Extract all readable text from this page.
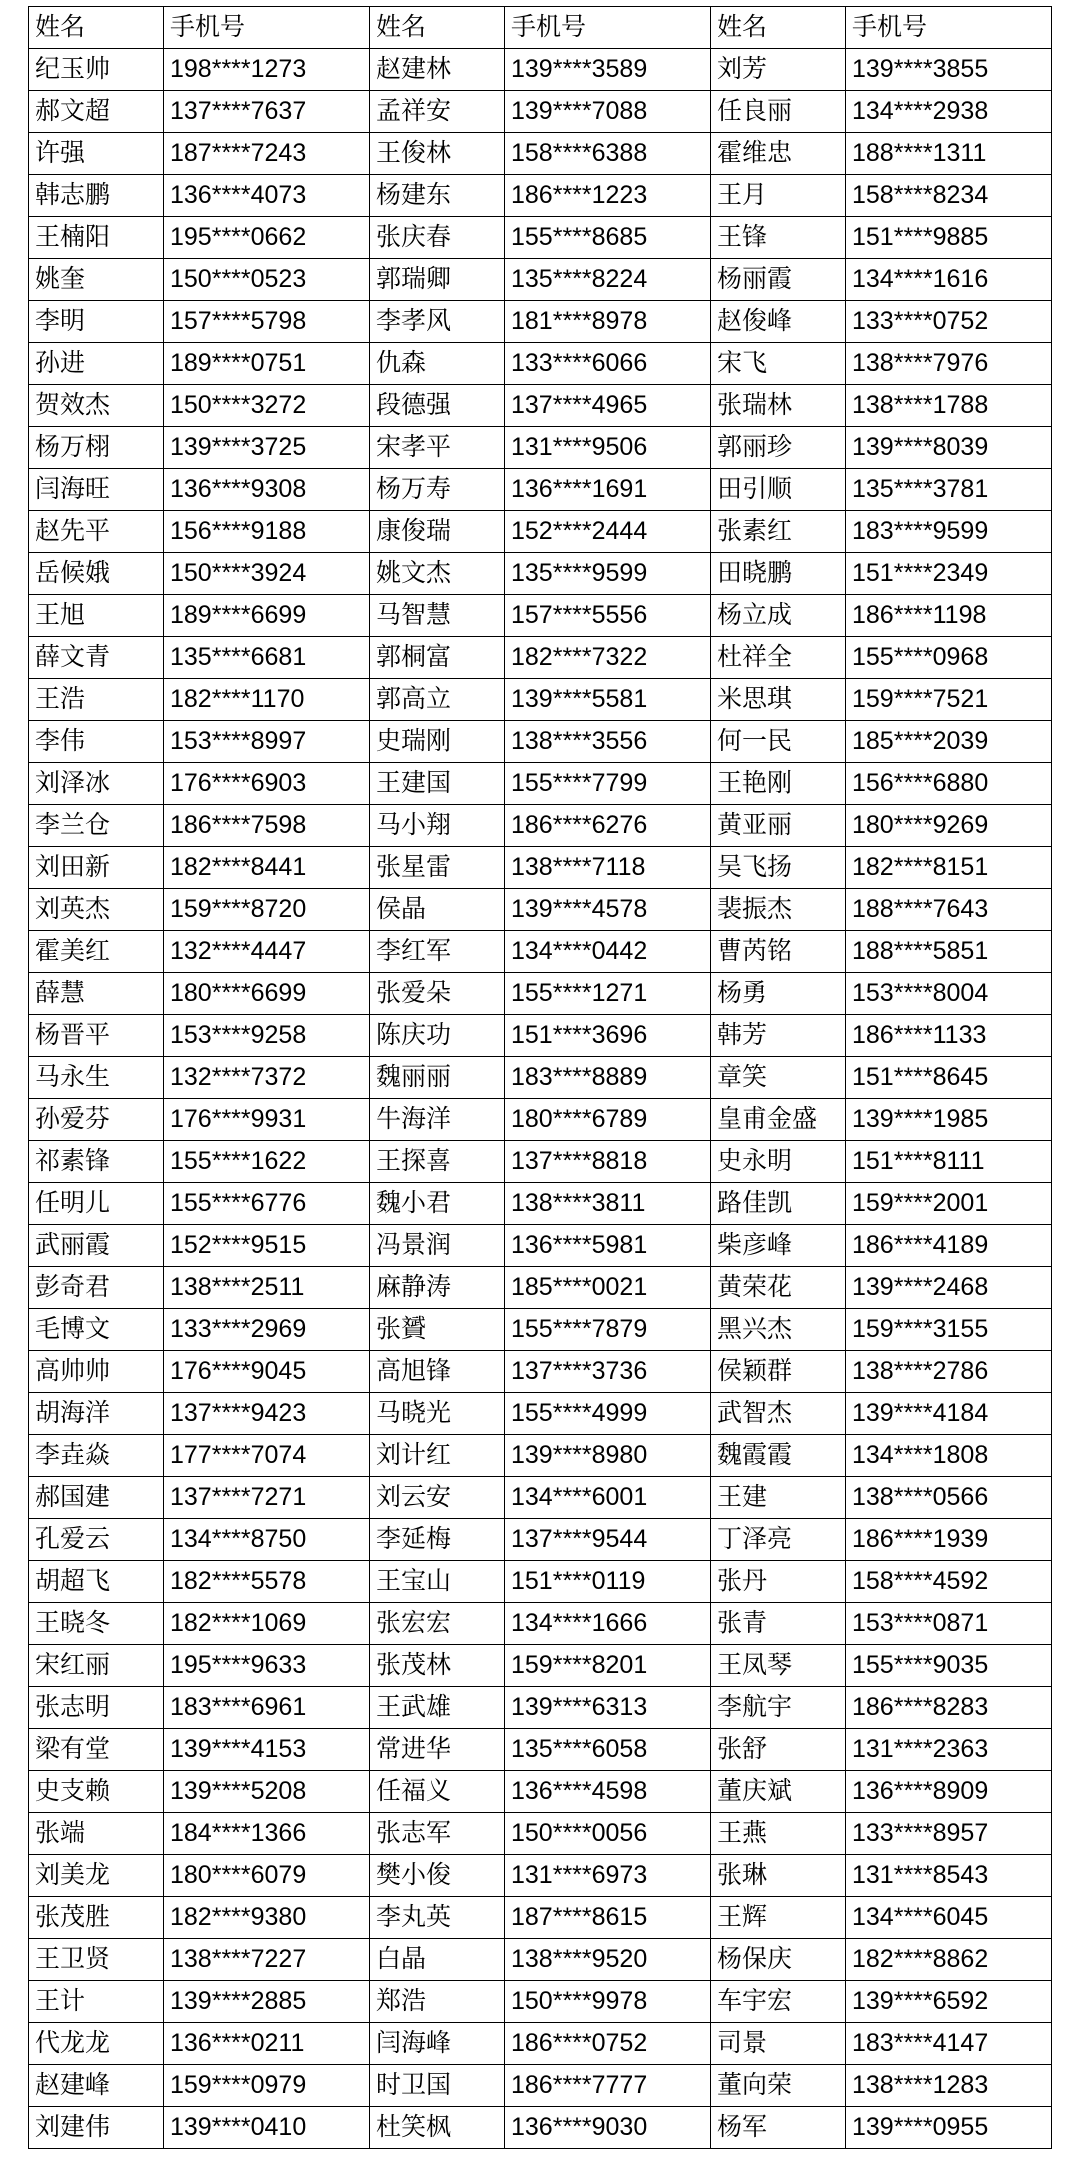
姓名	手机号	姓名	手机号	姓名	手机号
纪玉帅	198****1273	赵建林	139****3589	刘芳	139****3855
郝文超	137****7637	孟祥安	139****7088	任良丽	134****2938
许强	187****7243	王俊林	158****6388	霍维忠	188****1311
韩志鹏	136****4073	杨建东	186****1223	王月	158****8234
王楠阳	195****0662	张庆春	155****8685	王锋	151****9885
姚奎	150****0523	郭瑞卿	135****8224	杨丽霞	134****1616
李明	157****5798	李孝风	181****8978	赵俊峰	133****0752
孙进	189****0751	仇森	133****6066	宋飞	138****7976
贺效杰	150****3272	段德强	137****4965	张瑞林	138****1788
杨万栩	139****3725	宋孝平	131****9506	郭丽珍	139****8039
闫海旺	136****9308	杨万寿	136****1691	田引顺	135****3781
赵先平	156****9188	康俊瑞	152****2444	张素红	183****9599
岳候娥	150****3924	姚文杰	135****9599	田晓鹏	151****2349
王旭	189****6699	马智慧	157****5556	杨立成	186****1198
薛文青	135****6681	郭桐富	182****7322	杜祥全	155****0968
王浩	182****1170	郭高立	139****5581	米思琪	159****7521
李伟	153****8997	史瑞刚	138****3556	何一民	185****2039
刘泽冰	176****6903	王建国	155****7799	王艳刚	156****6880
李兰仓	186****7598	马小翔	186****6276	黄亚丽	180****9269
刘田新	182****8441	张星雷	138****7118	吴飞扬	182****8151
刘英杰	159****8720	侯晶	139****4578	裴振杰	188****7643
霍美红	132****4447	李红军	134****0442	曹芮铭	188****5851
薛慧	180****6699	张爱朵	155****1271	杨勇	153****8004
杨晋平	153****9258	陈庆功	151****3696	韩芳	186****1133
马永生	132****7372	魏丽丽	183****8889	章笑	151****8645
孙爱芬	176****9931	牛海洋	180****6789	皇甫金盛	139****1985
祁素锋	155****1622	王探喜	137****8818	史永明	151****8111
任明儿	155****6776	魏小君	138****3811	路佳凯	159****2001
武丽霞	152****9515	冯景润	136****5981	柴彦峰	186****4189
彭奇君	138****2511	麻静涛	185****0021	黄荣花	139****2468
毛博文	133****2969	张贇	155****7879	黑兴杰	159****3155
高帅帅	176****9045	高旭锋	137****3736	侯颖群	138****2786
胡海洋	137****9423	马晓光	155****4999	武智杰	139****4184
李垚焱	177****7074	刘计红	139****8980	魏霞霞	134****1808
郝国建	137****7271	刘云安	134****6001	王建	138****0566
孔爱云	134****8750	李延梅	137****9544	丁泽亮	186****1939
胡超飞	182****5578	王宝山	151****0119	张丹	158****4592
王晓冬	182****1069	张宏宏	134****1666	张青	153****0871
宋红丽	195****9633	张茂林	159****8201	王凤琴	155****9035
张志明	183****6961	王武雄	139****6313	李航宇	186****8283
梁有堂	139****4153	常进华	135****6058	张舒	131****2363
史支赖	139****5208	任福义	136****4598	董庆斌	136****8909
张端	184****1366	张志军	150****0056	王燕	133****8957
刘美龙	180****6079	樊小俊	131****6973	张琳	131****8543
张茂胜	182****9380	李丸英	187****8615	王辉	134****6045
王卫贤	138****7227	白晶	138****9520	杨保庆	182****8862
王计	139****2885	郑浩	150****9978	车宇宏	139****6592
代龙龙	136****0211	闫海峰	186****0752	司景	183****4147
赵建峰	159****0979	时卫国	186****7777	董向荣	138****1283
刘建伟	139****0410	杜笑枫	136****9030	杨军	139****0955
